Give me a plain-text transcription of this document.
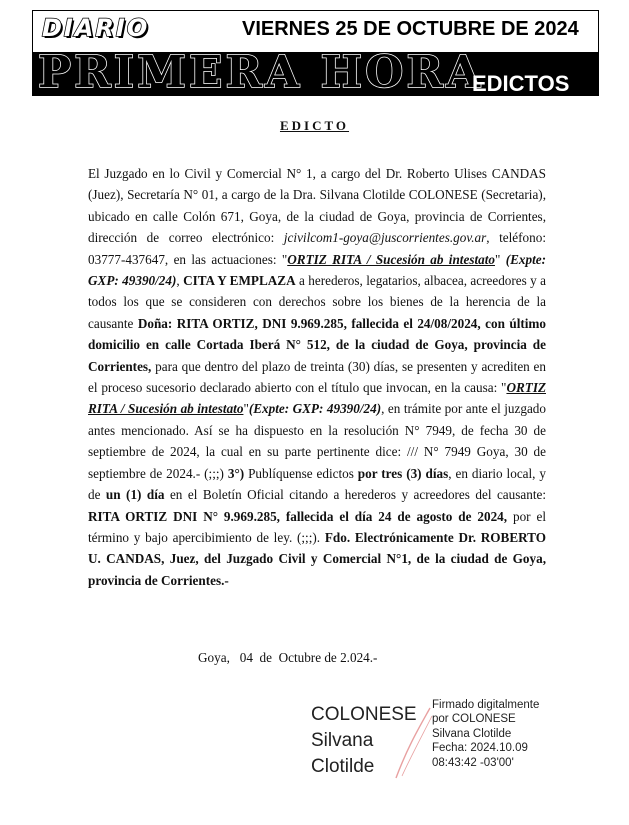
DIARIO	VIERNES 25 DE OCTUBRE DE 2024
PRIMERA HORA
EDICTOS
EDICTO

El Juzgado en lo Civil y Comercial N° 1, a cargo del Dr. Roberto Ulises CANDAS (Juez), Secretaría N° 01, a cargo de la Dra. Silvana Clotilde COLONESE (Secretaria), ubicado en calle Colón 671, Goya, de la ciudad de Goya, provincia de Corrientes, dirección de correo electrónico: jcivilcom1-goya@juscorrientes.gov.ar, teléfono: 03777-437647, en las actuaciones: "ORTIZ RITA / Sucesión ab intestato" (Expte: GXP: 49390/24), CITA Y EMPLAZA a herederos, legatarios, albacea, acreedores y a todos los que se consideren con derechos sobre los bienes de la herencia de la causante Doña: RITA ORTIZ, DNI 9.969.285, fallecida el 24/08/2024, con último domicilio en calle Cortada Iberá N° 512, de la ciudad de Goya, provincia de Corrientes, para que dentro del plazo de treinta (30) días, se presenten y acrediten en el proceso sucesorio declarado abierto con el título que invocan, en la causa: "ORTIZ RITA / Sucesión ab intestato"(Expte: GXP: 49390/24), en trámite por ante el juzgado antes mencionado. Así se ha dispuesto en la resolución N° 7949, de fecha 30 de septiembre de 2024, la cual en su parte pertinente dice: /// N° 7949 Goya, 30 de septiembre de 2024.- (;;;) 3°) Publíquense edictos por tres (3) días, en diario local, y de un (1) día en el Boletín Oficial citando a herederos y acreedores del causante: RITA ORTIZ DNI N° 9.969.285, fallecida el día 24 de agosto de 2024, por el término y bajo apercibimiento de ley. (;;;). Fdo. Electrónicamente Dr. ROBERTO U. CANDAS, Juez, del Juzgado Civil y Comercial N°1, de la ciudad de Goya, provincia de Corrientes.-

Goya,   04  de  Octubre de 2.024.-
COLONESE
Silvana
Clotilde
Firmado digitalmente
por COLONESE
Silvana Clotilde
Fecha: 2024.10.09
08:43:42 -03'00'
